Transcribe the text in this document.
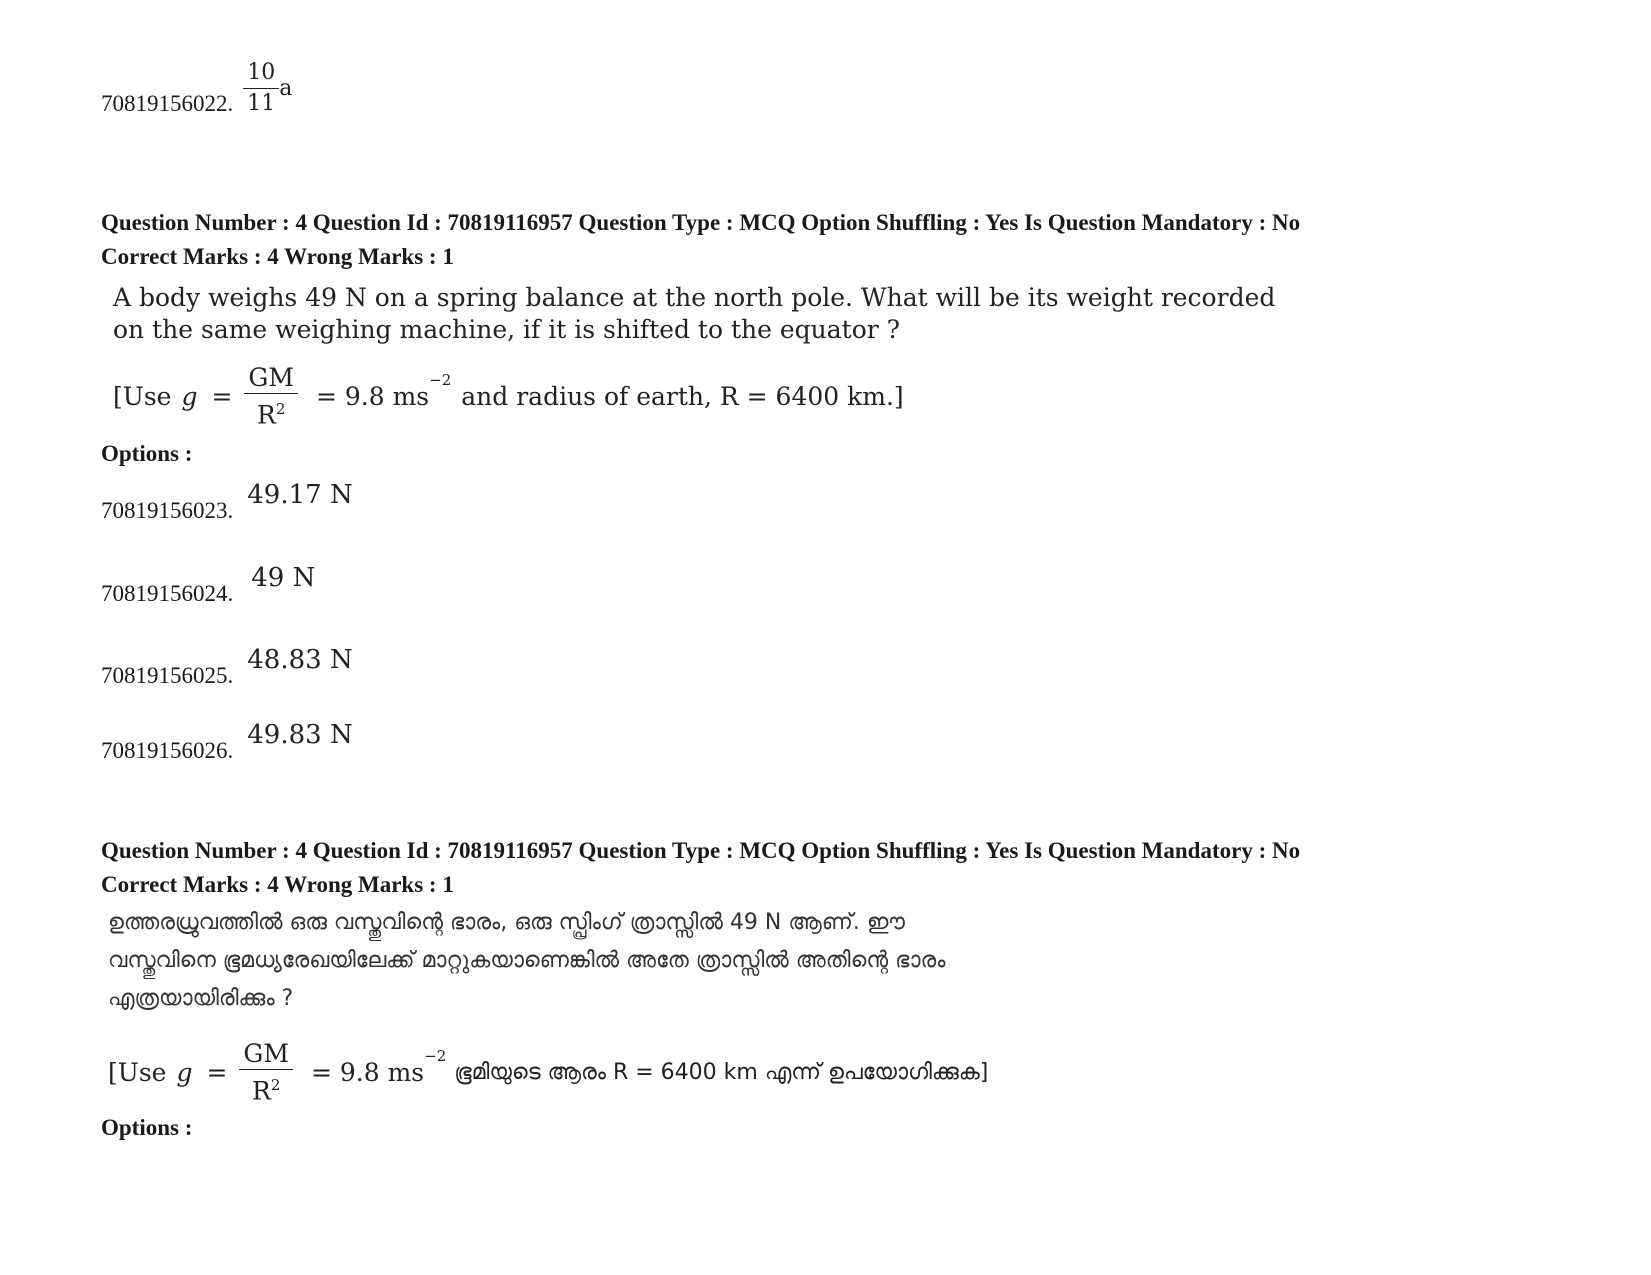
70819156022. $\frac{10}{11}$ a
Question Number : 4 Question Id : 70819116957 Question Type : MCQ Option Shuffling : Yes Is Question Mandatory : No
Correct Marks : 4 Wrong Marks : 1
A body weighs 49 N on a spring balance at the north pole. What will be its weight recorded
on the same weighing machine, if it is shifted to the equator ?
[Use $g = \frac{GM}{R^2} = 9.8$ ms
$^{-2}$
and radius of earth, R = 6400 km.]
Options :
70819156023.
49.17 N
70819156024.
49 N
70819156025.
48.83 N
70819156026.
49.83 N
Question Number : 4 Question Id : 70819116957 Question Type : MCQ Option Shuffling : Yes Is Question Mandatory : No
Correct Marks : 4 Wrong Marks : 1
ഉത്തരധ്രുവത്തിൽ ഒരു വസ്തുവിന്റെ ഭാരം, ഒരു സ്പ്രിംഗ് ത്രാസ്സിൽ 49 N ആണ്. ഈ
വസ്തുവിനെ ഭൂമധ്യരേഖയിലേക്ക് മാറ്റുകയാണെങ്കിൽ അതേ ത്രാസ്സിൽ അതിന്റെ ഭാരം
എത്രയായിരിക്കും ?
[Use $g = \frac{GM}{R^2} = 9.8$ ms
$^{-2}$
ഭൂമിയുടെ ആരം R = 6400 km എന്ന് ഉപയോഗിക്കുക]
Options :
